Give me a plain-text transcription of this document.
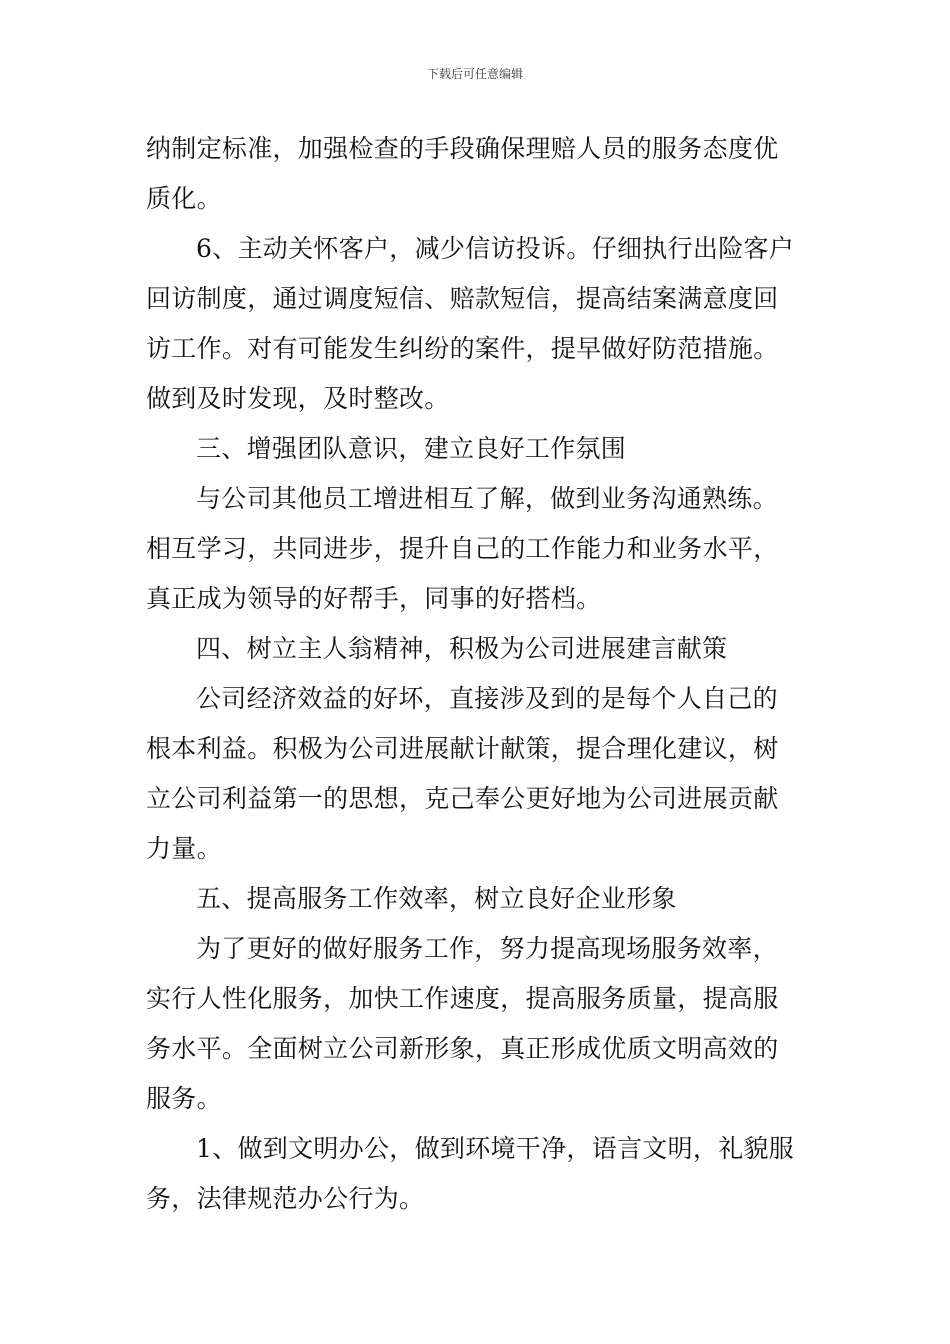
下载后可任意编辑
纳制定标准，加强检查的手段确保理赔人员的服务态度优
质化。
6、主动关怀客户，减少信访投诉。仔细执行出险客户
回访制度，通过调度短信、赔款短信，提高结案满意度回
访工作。对有可能发生纠纷的案件，提早做好防范措施。
做到及时发现，及时整改。
三、增强团队意识，建立良好工作氛围
与公司其他员工增进相互了解，做到业务沟通熟练。
相互学习，共同进步，提升自己的工作能力和业务水平，
真正成为领导的好帮手，同事的好搭档。
四、树立主人翁精神，积极为公司进展建言献策
公司经济效益的好坏，直接涉及到的是每个人自己的
根本利益。积极为公司进展献计献策，提合理化建议，树
立公司利益第一的思想，克己奉公更好地为公司进展贡献
力量。
五、提高服务工作效率，树立良好企业形象
为了更好的做好服务工作，努力提高现场服务效率，
实行人性化服务，加快工作速度，提高服务质量，提高服
务水平。全面树立公司新形象，真正形成优质文明高效的
服务。
1、做到文明办公，做到环境干净，语言文明，礼貌服
务，法律规范办公行为。
